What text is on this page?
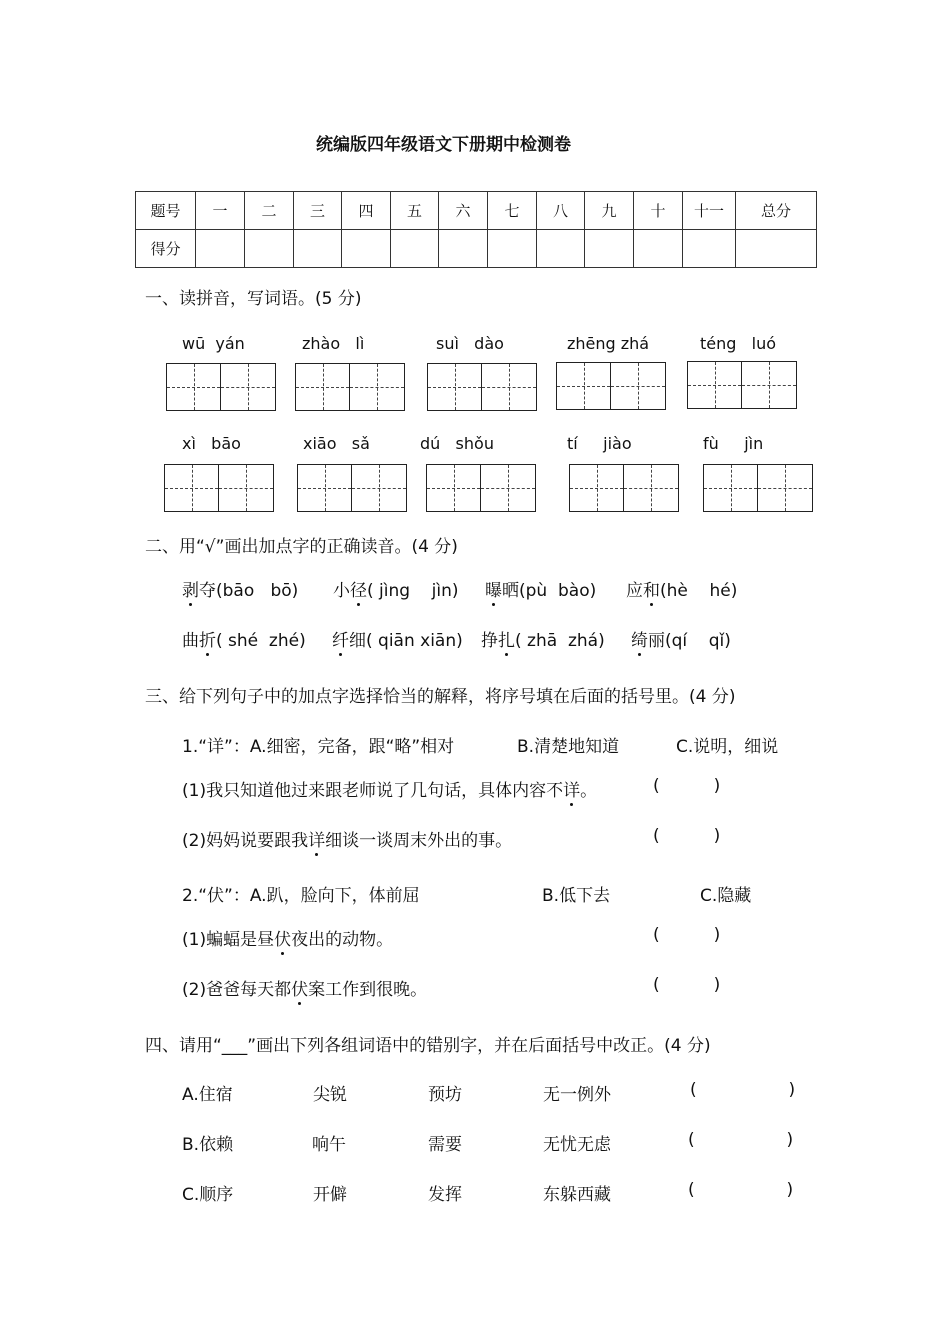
统编版四年级语文下册期中检测卷
题号	一	二	三	四	五	六	七	八	九	十	十一	总分
得分												
一、读拼音，写词语。(5 分)
wū  yán	zhào   lì	suì   dào	zhēng zhá	téng   luó
xì   bāo	xiāo   sǎ	dú   shǒu	tí     jiào	fù     jìn
二、用“√”画出加点字的正确读音。(4 分)
剥夺(bāo   bō) 小径( jìng    jìn) 曝晒(pù  bào) 应和(hè    hé)
曲折( shé  zhé) 纤细( qiān xiān) 挣扎( zhā  zhá) 绮丽(qí    qǐ)
三、给下列句子中的加点字选择恰当的解释，将序号填在后面的括号里。(4 分)
1.“详”：A.细密，完备，跟“略”相对	B.清楚地知道	C.说明，细说
(1)我只知道他过来跟老师说了几句话，具体内容不详。	(          )
(2)妈妈说要跟我详细谈一谈周末外出的事。	(          )
2.“伏”：A.趴，脸向下，体前屈	B.低下去	C.隐藏
(1)蝙蝠是昼伏夜出的动物。	(          )
(2)爸爸每天都伏案工作到很晚。	(          )
四、请用“___”画出下列各组词语中的错别字，并在后面括号中改正。(4 分)
A.住宿	尖锐	预坊	无一例外	(                 )
B.依赖	响午	需要	无忧无虑	(                 )
C.顺序	开僻	发挥	东躲西藏	(                 )
